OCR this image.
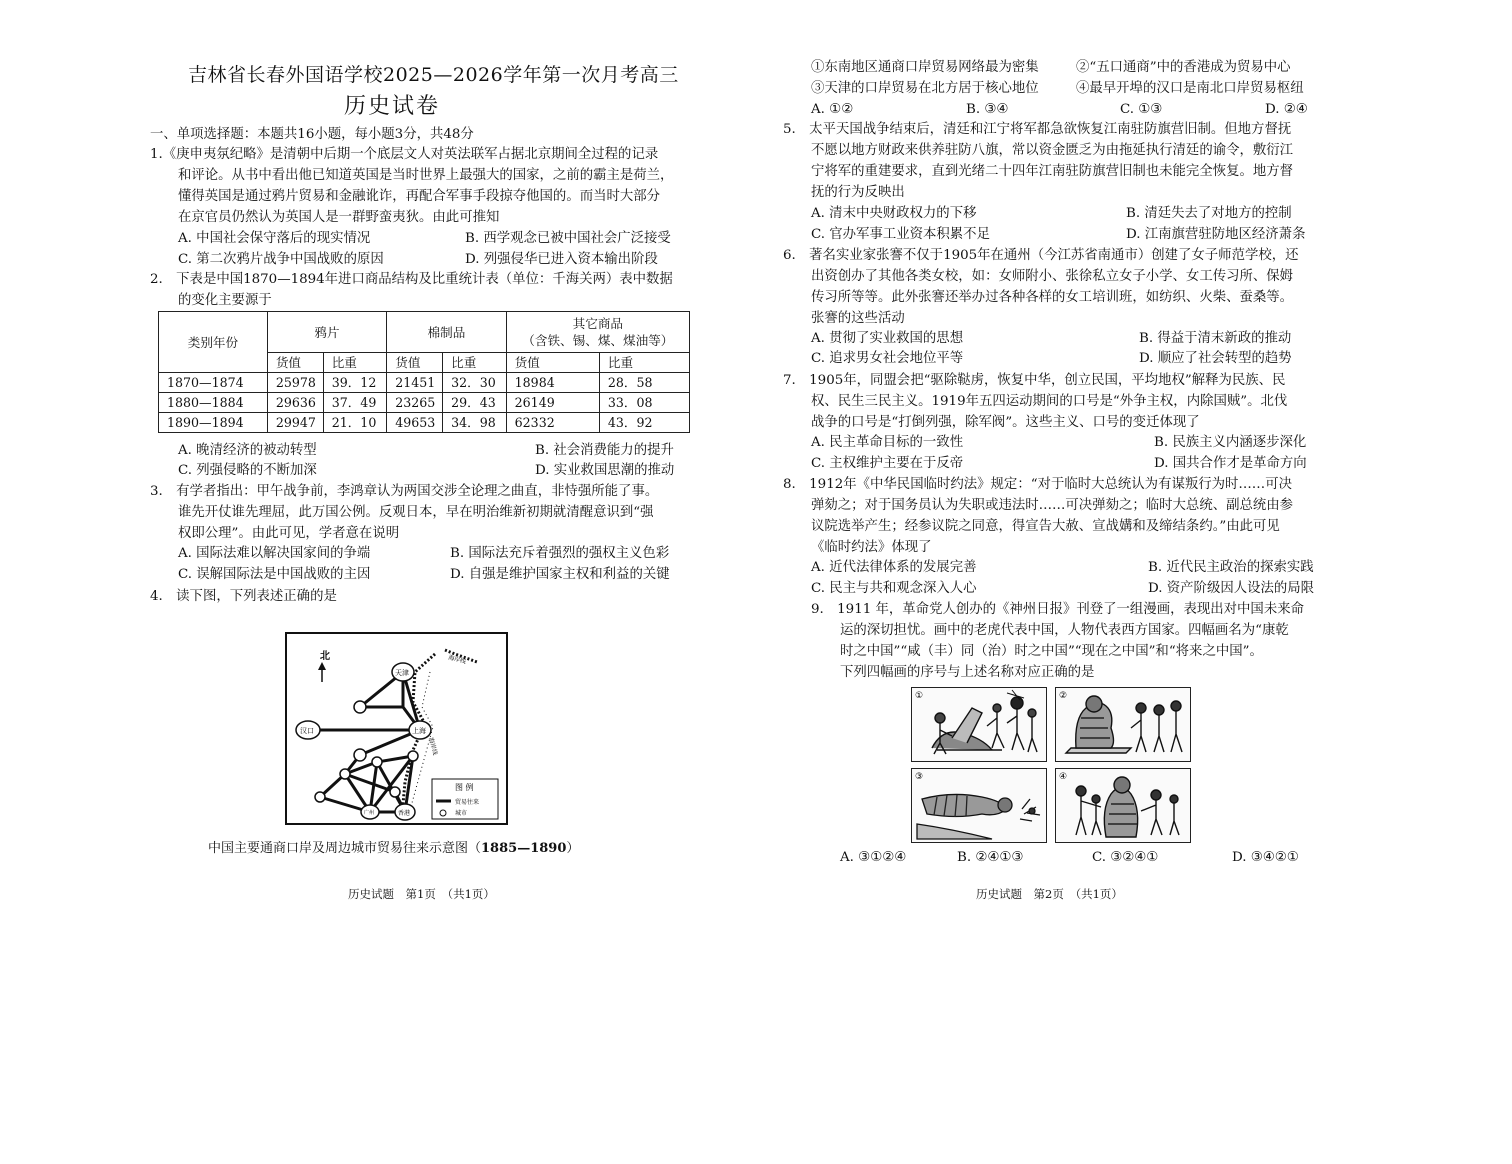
吉林省长春外国语学校2025—2026学年第一次月考高三
历史试卷
一、单项选择题：本题共16小题，每小题3分，共48分
1.《庚申夷氛纪略》是清朝中后期一个底层文人对英法联军占据北京期间全过程的记录
和评论。从书中看出他已知道英国是当时世界上最强大的国家，之前的霸主是荷兰，
懂得英国是通过鸦片贸易和金融讹诈，再配合军事手段掠夺他国的。而当时大部分
在京官员仍然认为英国人是一群野蛮夷狄。由此可推知
A. 中国社会保守落后的现实情况	B. 西学观念已被中国社会广泛接受
C. 第二次鸦片战争中国战败的原因	D. 列强侵华已进入资本输出阶段
2.　下表是中国1870—1894年进口商品结构及比重统计表（单位：千海关两）表中数据
的变化主要源于
类别年份	鸦片		棉制品		其它商品
（含铁、锡、煤、煤油等）	
	货值	比重	货值	比重	货值	比重
1870—1874	25978	39．12	21451	32．30	18984	28．58
1880—1884	29636	37．49	23265	29．43	26149	33．08
1890—1894	29947	21．10	49653	34．98	62332	43．92
A. 晚清经济的被动转型	B. 社会消费能力的提升
C. 列强侵略的不断加深	D. 实业救国思潮的推动
3.　有学者指出：甲午战争前，李鸿章认为两国交涉全论理之曲直，非恃强所能了事。
谁先开仗谁先理屈，此万国公例。反观日本，早在明治维新初期就清醒意识到“强
权即公理”。由此可见，学者意在说明
A. 国际法难以解决国家间的争端	B. 国际法充斥着强烈的强权主义色彩
C. 误解国际法是中国战败的主因	D. 自强是维护国家主权和利益的关键
4.　读下图，下列表述正确的是
北	海岸线
海岸线
天津
汉口	上海
广州	香港
图 例
贸易往来
城市
中国主要通商口岸及周边城市贸易往来示意图（1885—1890）
历史试题　第1页　（共1页）
①东南地区通商口岸贸易网络最为密集	②“五口通商”中的香港成为贸易中心
③天津的口岸贸易在北方居于核心地位	④最早开埠的汉口是南北口岸贸易枢纽
A. ①②	B. ③④	C. ①③	D. ②④
5.　太平天国战争结束后，清廷和江宁将军都急欲恢复江南驻防旗营旧制。但地方督抚
不愿以地方财政来供养驻防八旗，常以资金匮乏为由拖延执行清廷的谕令，敷衍江
宁将军的重建要求，直到光绪二十四年江南驻防旗营旧制也未能完全恢复。地方督
抚的行为反映出
A. 清末中央财政权力的下移	B. 清廷失去了对地方的控制
C. 官办军事工业资本积累不足	D. 江南旗营驻防地区经济萧条
6.　著名实业家张謇不仅于1905年在通州（今江苏省南通市）创建了女子师范学校，还
出资创办了其他各类女校，如：女师附小、张徐私立女子小学、女工传习所、保姆
传习所等等。此外张謇还举办过各种各样的女工培训班，如纺织、火柴、蚕桑等。
张謇的这些活动
A. 贯彻了实业救国的思想	B. 得益于清末新政的推动
C. 追求男女社会地位平等	D. 顺应了社会转型的趋势
7.　1905年，同盟会把“驱除鞑虏，恢复中华，创立民国，平均地权”解释为民族、民
权、民生三民主义。1919年五四运动期间的口号是“外争主权，内除国贼”。北伐
战争的口号是“打倒列强，除军阀”。这些主义、口号的变迁体现了
A. 民主革命目标的一致性	B. 民族主义内涵逐步深化
C. 主权维护主要在于反帝	D. 国共合作才是革命方向
8.　1912年《中华民国临时约法》规定：“对于临时大总统认为有谋叛行为时……可决
弹劾之；对于国务员认为失职或违法时……可决弹劾之；临时大总统、副总统由参
议院选举产生；经参议院之同意，得宣告大赦、宣战媾和及缔结条约。”由此可见
《临时约法》体现了
A. 近代法律体系的发展完善	B. 近代民主政治的探索实践
C. 民主与共和观念深入人心	D. 资产阶级因人设法的局限
9.　1911 年，革命党人创办的《神州日报》刊登了一组漫画，表现出对中国未来命
运的深切担忧。画中的老虎代表中国，人物代表西方国家。四幅画名为“康乾
时之中国”“咸（丰）同（治）时之中国”“现在之中国”和“将来之中国”。
下列四幅画的序号与上述名称对应正确的是
①	②
③	④
A. ③①②④	B. ②④①③	C. ③②④①	D. ③④②①
历史试题　第2页　（共1页）
